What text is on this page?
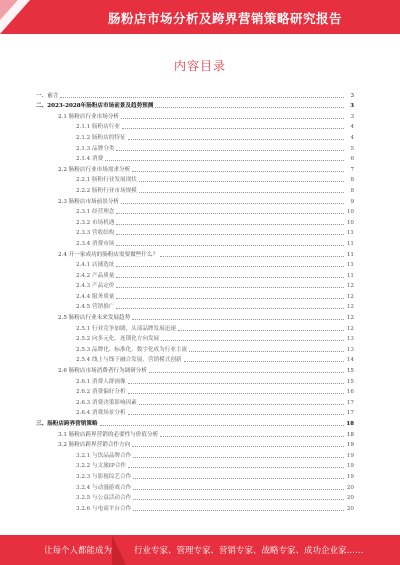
肠粉店市场分析及跨界营销策略研究报告
内容目录
一、前言	3
二、2023-2028年肠粉店市场前景及趋势预测	3
2.1 肠粉店行业市场分析	3
2.1.1 肠粉店行业	4
2.1.2 肠粉店的特征	4
2.1.3 品牌分类	5
2.1.4 消费	6
2.2 肠粉店行业市场需求分析	7
2.2.1 肠粉行业发展现状	8
2.2.2 肠粉行业市场规模	8
2.3 肠粉店市场前景分析	9
2.3.1 经营理念	10
2.3.2 市场机遇	10
2.3.3 营收结构	11
2.3.4 消费市场	11
2.4 开一家成功的肠粉店需要做些什么？	11
2.4.1 店铺选址	11
2.4.2 产品质量	11
2.4.3 产品定价	12
2.4.4 服务质量	12
2.4.5 营销推广	12
2.5 肠粉店行业未来发展趋势	12
2.5.1 行业竞争加剧，头部品牌发展迅速	12
2.5.2 向多元化、连锁化方向发展	13
2.5.3 品牌化、标准化、数字化成为行业主流	13
2.5.4 线上与线下融合发展，营销模式创新	14
2.6 肠粉店市场消费者行为调研分析	15
2.6.1 消费人群画像	15
2.6.2 消费偏好分析	16
2.6.3 消费决策影响因素	17
2.6.4 消费场景分析	17
三、肠粉店跨界营销策略	18
3.1 肠粉店跨界营销的必要性与价值分析	18
3.2 肠粉店跨界营销合作方向	19
3.2.1 与饮品品牌合作	19
3.2.2 与文旅IP合作	19
3.2.3 与影视综艺合作	19
3.2.4 与动漫游戏合作	20
3.2.5 与公益活动合作	20
3.2.6 与电商平台合作	20
让每个人都能成为	行业专家、管理专家、营销专家、战略专家、成功企业家……
